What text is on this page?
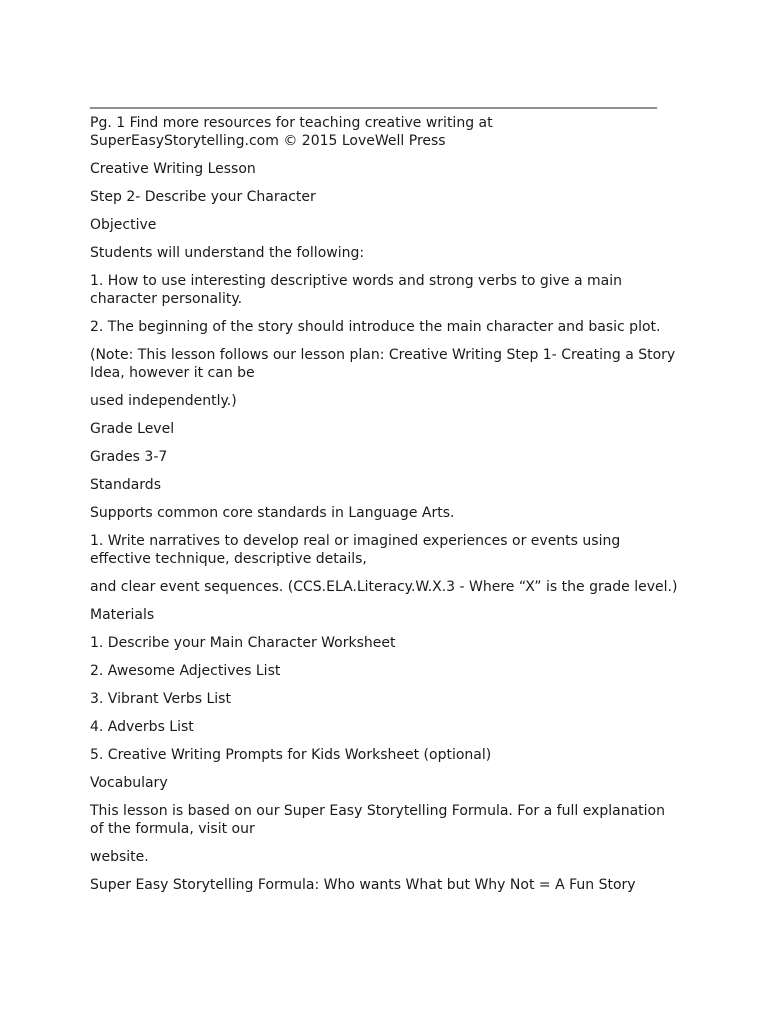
_________________________________________________________________________________

Pg. 1 Find more resources for teaching creative writing at SuperEasyStorytelling.com © 2015 LoveWell Press

Creative Writing Lesson

Step 2- Describe your Character

Objective

Students will understand the following:

1. How to use interesting descriptive words and strong verbs to give a main character personality.

2. The beginning of the story should introduce the main character and basic plot.

(Note: This lesson follows our lesson plan: Creative Writing Step 1- Creating a Story Idea, however it can be

used independently.)

Grade Level

Grades 3-7

Standards

Supports common core standards in Language Arts.

1. Write narratives to develop real or imagined experiences or events using effective technique, descriptive details,

and clear event sequences. (CCS.ELA.Literacy.W.X.3 - Where “X” is the grade level.)

Materials

1. Describe your Main Character Worksheet

2. Awesome Adjectives List

3. Vibrant Verbs List

4. Adverbs List

5. Creative Writing Prompts for Kids Worksheet (optional)

Vocabulary

This lesson is based on our Super Easy Storytelling Formula. For a full explanation of the formula, visit our

website.

Super Easy Storytelling Formula: Who wants What but Why Not = A Fun Story
